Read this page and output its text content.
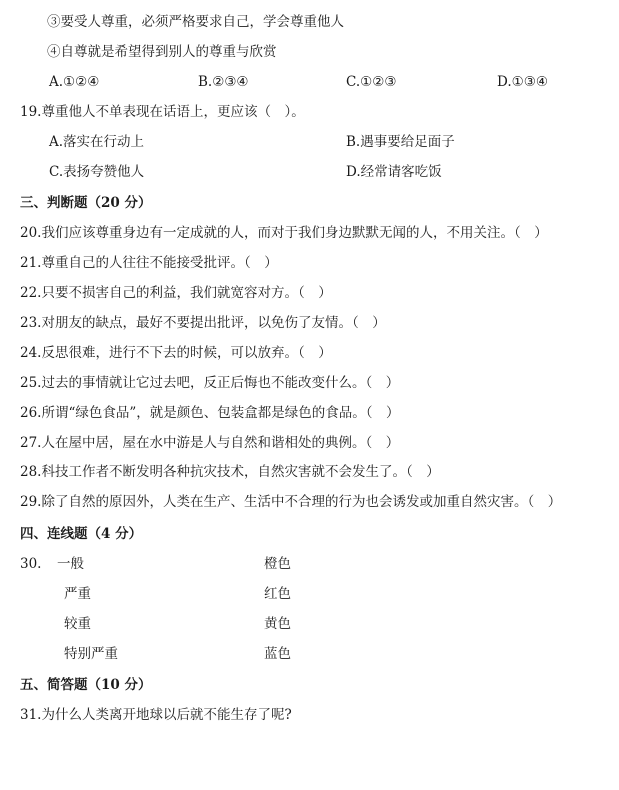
③要受人尊重，必须严格要求自己，学会尊重他人
④自尊就是希望得到别人的尊重与欣赏
A.①②④	B.②③④	C.①②③	D.①③④
19.尊重他人不单表现在话语上，更应该（　）。
A.落实在行动上	B.遇事要给足面子
C.表扬夸赞他人	D.经常请客吃饭
三、判断题（20 分）
20.我们应该尊重身边有一定成就的人，而对于我们身边默默无闻的人，不用关注。（　）
21.尊重自己的人往往不能接受批评。（　）
22.只要不损害自己的利益，我们就宽容对方。（　）
23.对朋友的缺点，最好不要提出批评，以免伤了友情。（　）
24.反思很难，进行不下去的时候，可以放弃。（　）
25.过去的事情就让它过去吧，反正后悔也不能改变什么。（　）
26.所谓“绿色食品”，就是颜色、包装盒都是绿色的食品。（　）
27.人在屋中居，屋在水中游是人与自然和谐相处的典例。（　）
28.科技工作者不断发明各种抗灾技术，自然灾害就不会发生了。（　）
29.除了自然的原因外，人类在生产、生活中不合理的行为也会诱发或加重自然灾害。（　）
四、连线题（4 分）
30. 一般	橙色
严重	红色
较重	黄色
特别严重	蓝色
五、简答题（10 分）
31.为什么人类离开地球以后就不能生存了呢?
